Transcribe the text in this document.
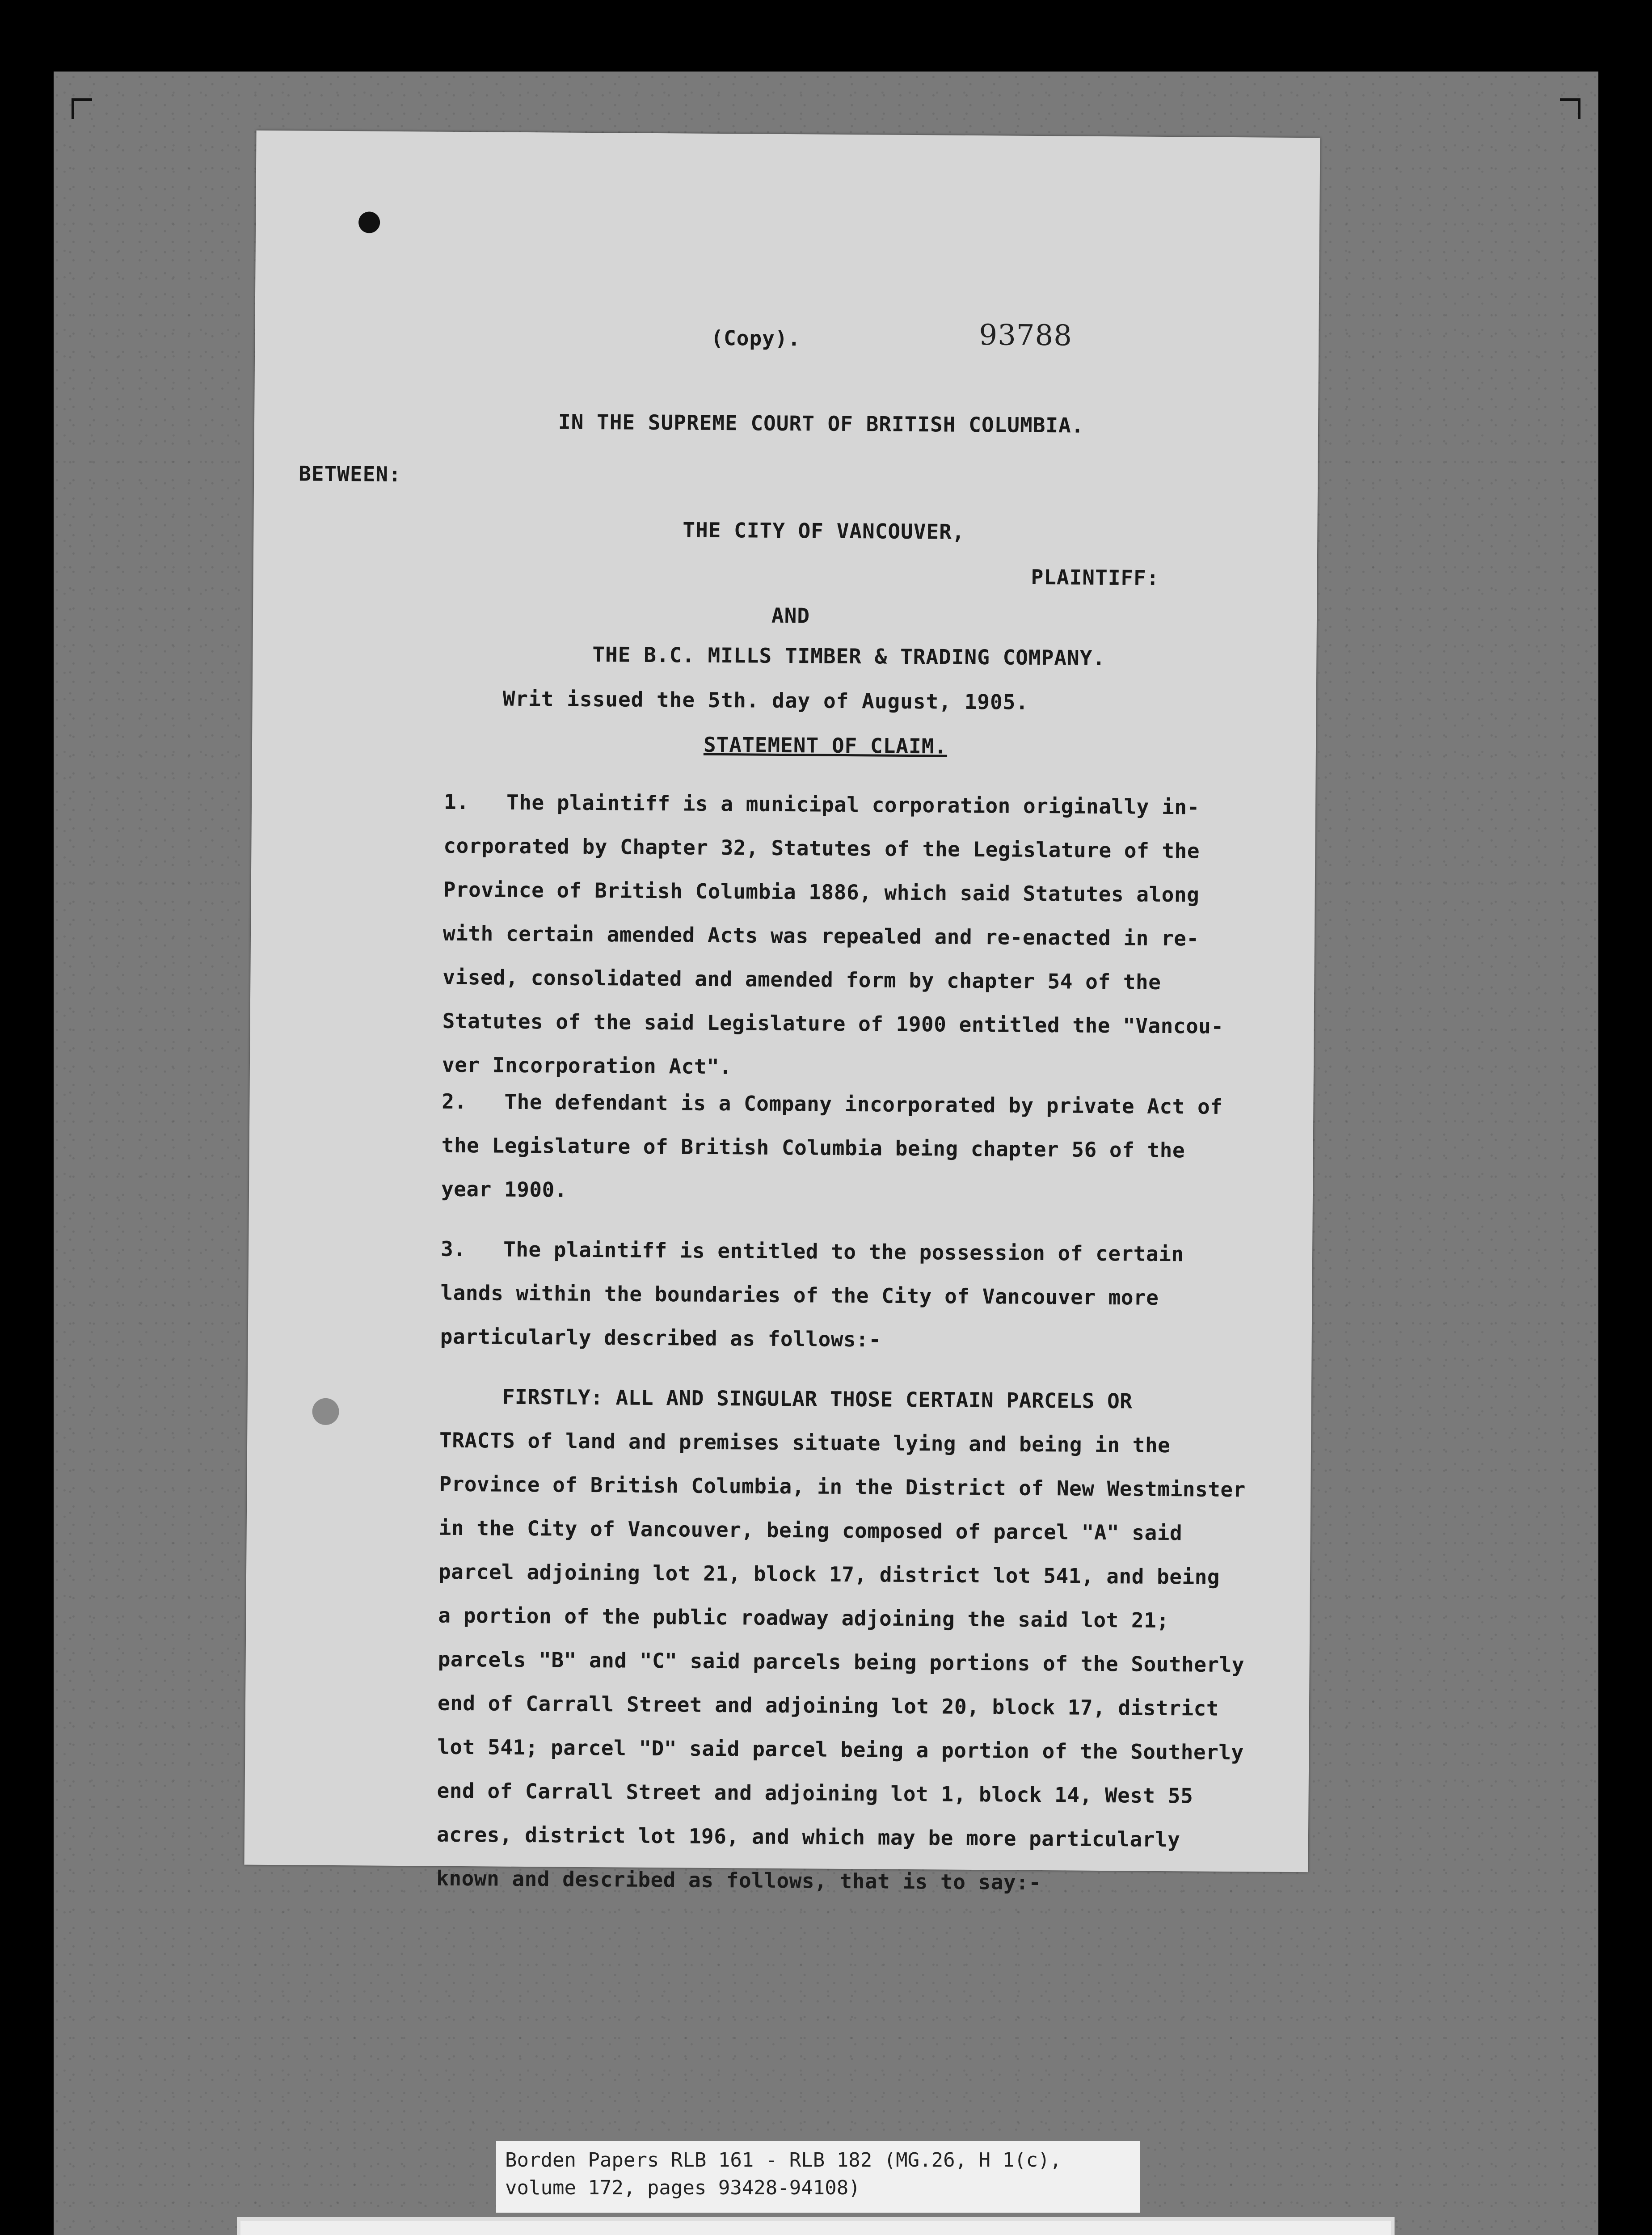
(Copy).	93788
IN THE SUPREME COURT OF BRITISH COLUMBIA.
BETWEEN:
THE CITY OF VANCOUVER,
PLAINTIFF:
AND
THE B.C. MILLS TIMBER & TRADING COMPANY.
Writ issued the 5th. day of August, 1905.
STATEMENT OF CLAIM.

1. The plaintiff is a municipal corporation originally in-

corporated by Chapter 32, Statutes of the Legislature of the

Province of British Columbia 1886, which said Statutes along

with certain amended Acts was repealed and re-enacted in re-

vised, consolidated and amended form by chapter 54 of the

Statutes of the said Legislature of 1900 entitled the "Vancou-

ver Incorporation Act".

2. The defendant is a Company incorporated by private Act of

the Legislature of British Columbia being chapter 56 of the

year 1900.

3. The plaintiff is entitled to the possession of certain

lands within the boundaries of the City of Vancouver more

particularly described as follows:-

FIRSTLY: ALL AND SINGULAR THOSE CERTAIN PARCELS OR

TRACTS of land and premises situate lying and being in the

Province of British Columbia, in the District of New Westminster

in the City of Vancouver, being composed of parcel "A" said

parcel adjoining lot 21, block 17, district lot 541, and being

a portion of the public roadway adjoining the said lot 21;

parcels "B" and "C" said parcels being portions of the Southerly

end of Carrall Street and adjoining lot 20, block 17, district

lot 541; parcel "D" said parcel being a portion of the Southerly

end of Carrall Street and adjoining lot 1, block 14, West 55

acres, district lot 196, and which may be more particularly

known and described as follows, that is to say:-

Borden Papers RLB 161 - RLB 182 (MG.26, H 1(c),
volume 172, pages 93428-94108)
